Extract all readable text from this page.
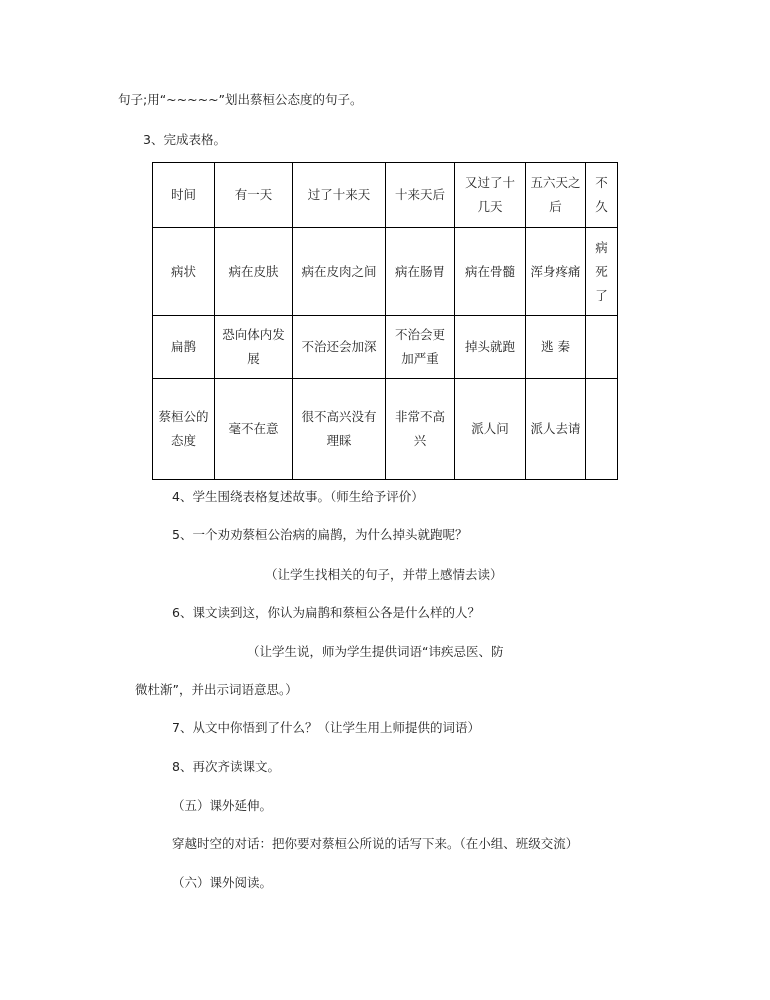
句子;用“~~~~~”划出蔡桓公态度的句子。
3、完成表格。
时间	有一天	过了十来天	十来天后	又过了十几天	五六天之后	不久
病状	病在皮肤	病在皮肉之间	病在肠胃	病在骨髓	浑身疼痛	病死了
扁鹊	恐向体内发展	不治还会加深	不治会更加严重	掉头就跑	逃 秦	
蔡桓公的态度	毫不在意	很不高兴没有理睬	非常不高兴	派人问	派人去请	
4、学生围绕表格复述故事。（师生给予评价）
5、一个劝劝蔡桓公治病的扁鹊，为什么掉头就跑呢？
（让学生找相关的句子，并带上感情去读）
6、课文读到这，你认为扁鹊和蔡桓公各是什么样的人？
（让学生说，师为学生提供词语“讳疾忌医、防
微杜渐”，并出示词语意思。）
7、从文中你悟到了什么？（让学生用上师提供的词语）
8、再次齐读课文。
（五）课外延伸。
穿越时空的对话：把你要对蔡桓公所说的话写下来。（在小组、班级交流）
（六）课外阅读。
